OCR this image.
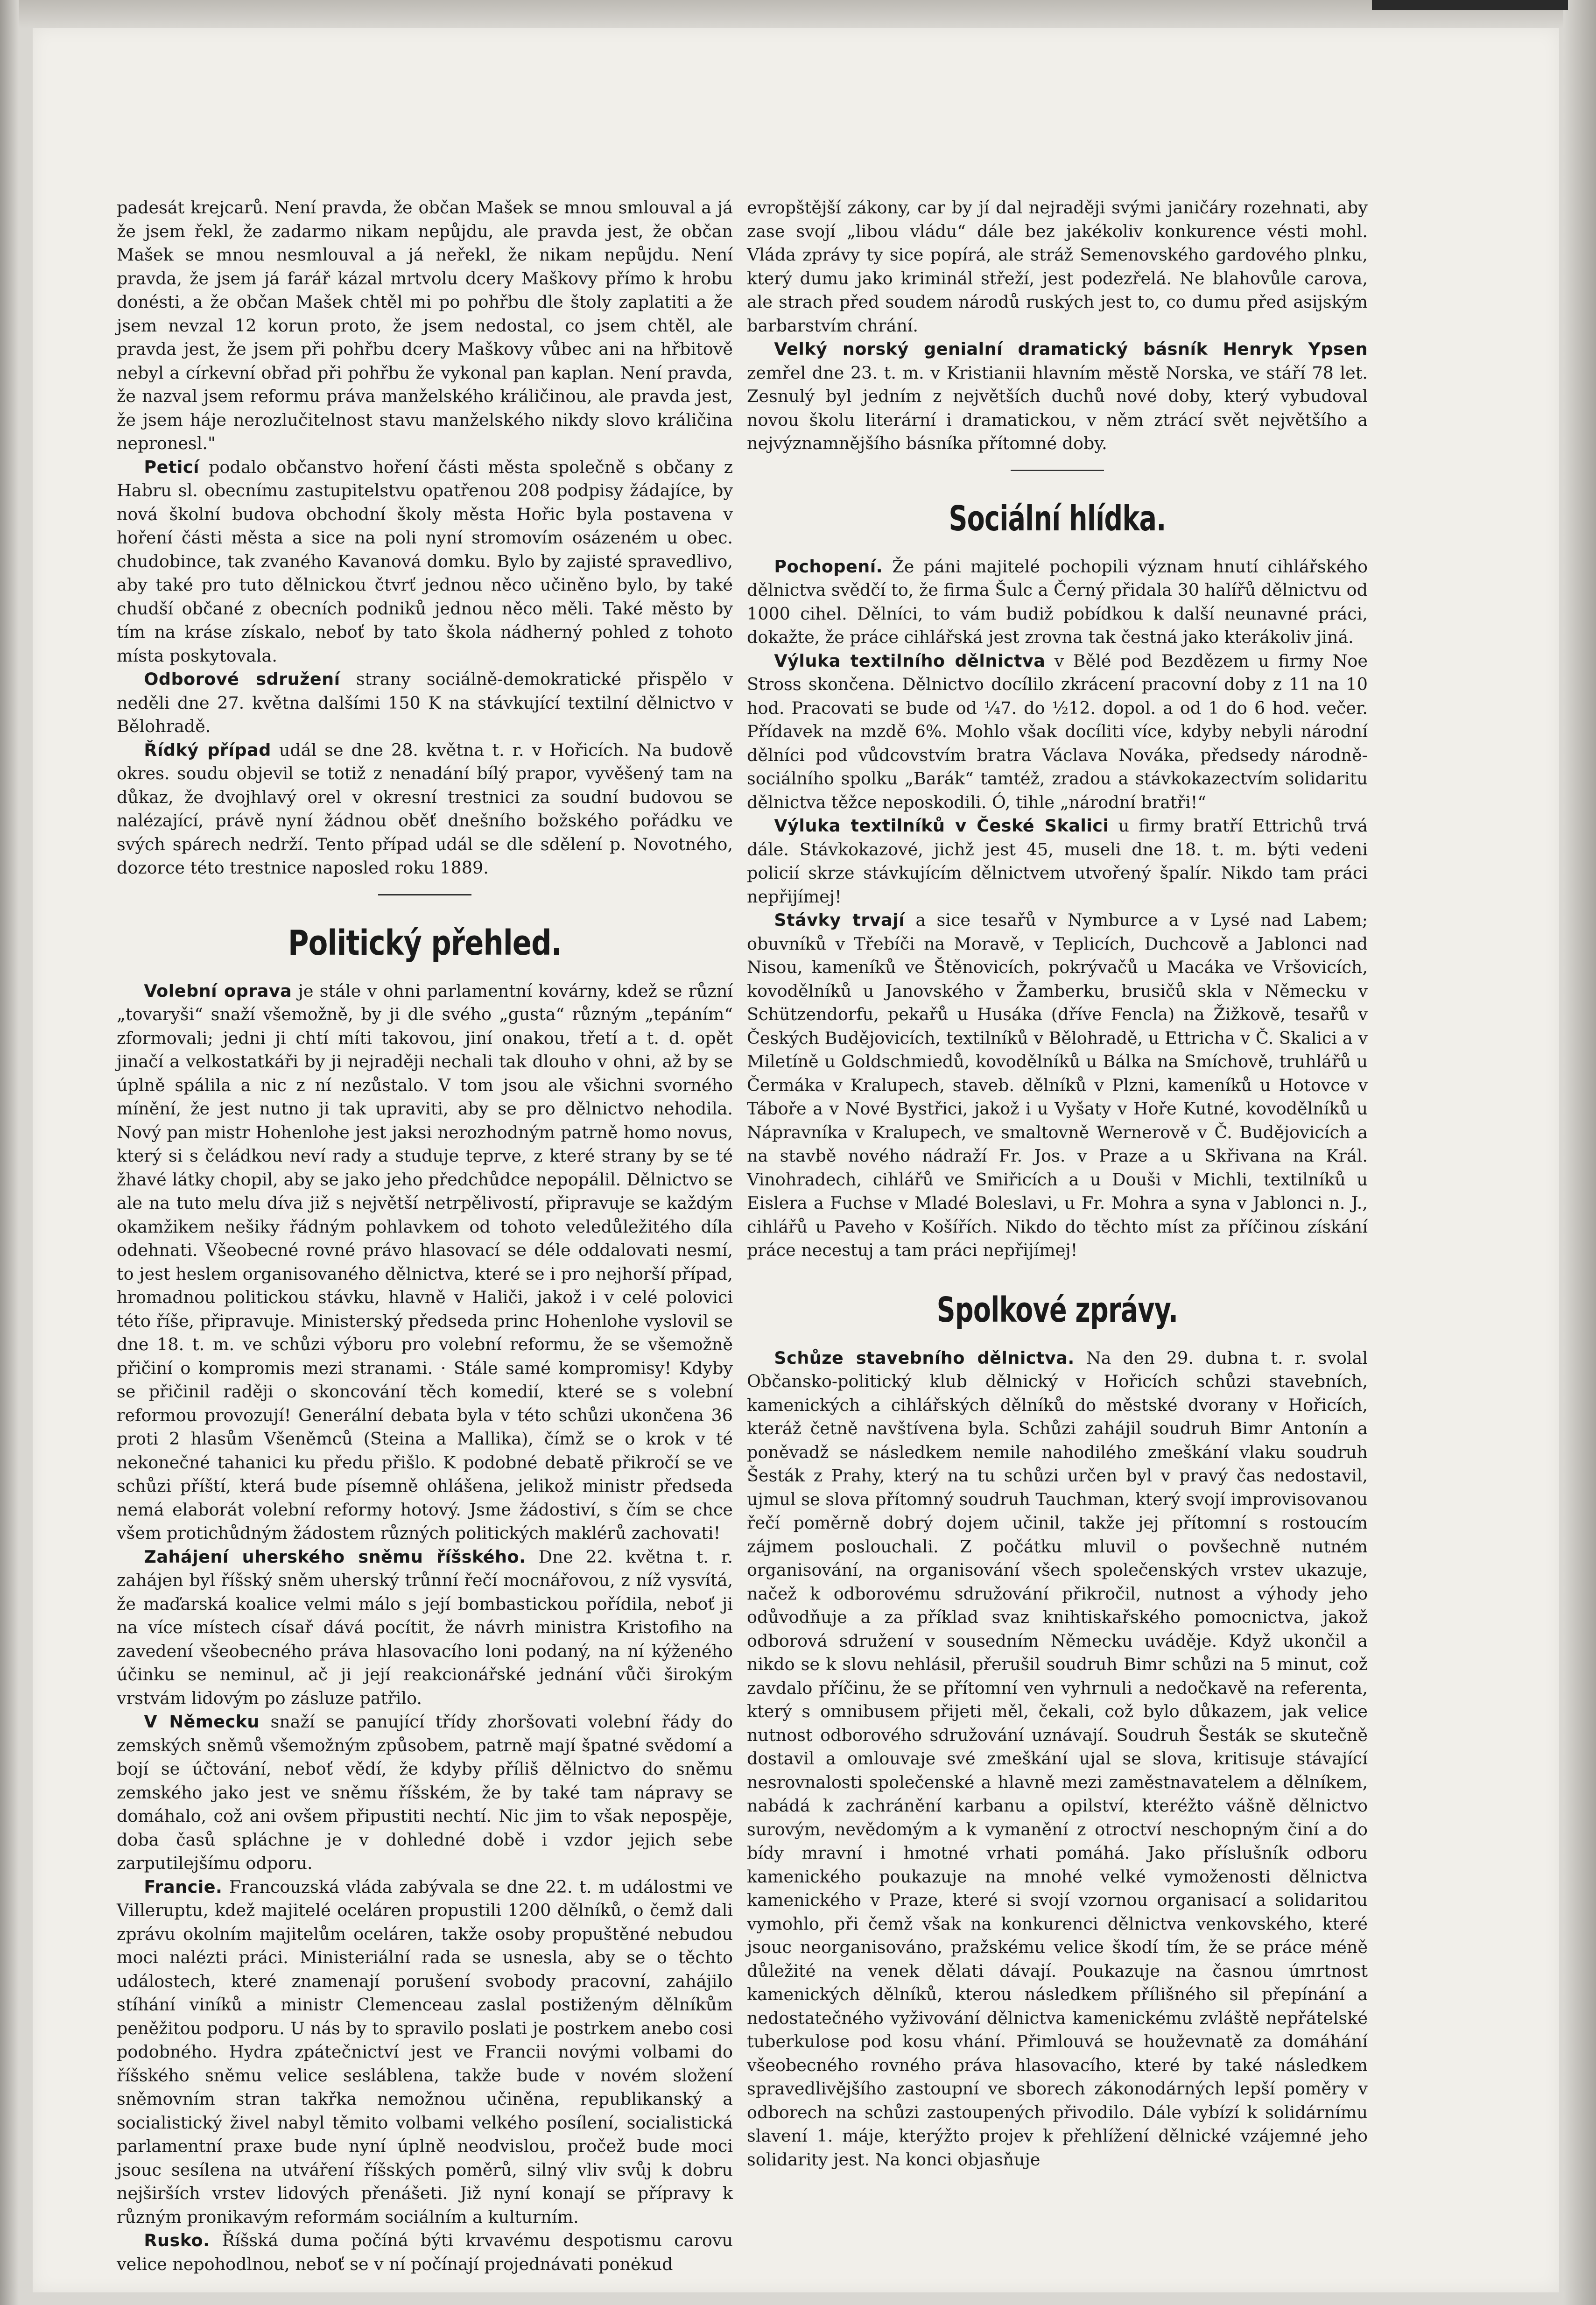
padesát krejcarů. Není pravda, že občan Mašek se mnou smlouval a já že jsem řekl, že zadarmo nikam nepůjdu, ale pravda jest, že občan Mašek se mnou nesmlouval a já neřekl, že nikam nepůjdu. Není pravda, že jsem já farář kázal mrtvolu dcery Maškovy přímo k hrobu donésti, a že občan Mašek chtěl mi po pohřbu dle štoly zaplatiti a že jsem nevzal 12 korun proto, že jsem nedostal, co jsem chtěl, ale pravda jest, že jsem při pohřbu dcery Maškovy vůbec ani na hřbitově nebyl a církevní obřad při pohřbu že vykonal pan kaplan. Není pravda, že nazval jsem reformu práva manželského králičinou, ale pravda jest, že jsem háje nerozlučitelnost stavu manželského nikdy slovo králičina nepronesl."

Peticí podalo občanstvo hoření části města společně s občany z Habru sl. obecnímu zastupitelstvu opatřenou 208 podpisy žádajíce, by nová školní budova obchodní školy města Hořic byla postavena v hoření části města a sice na poli nyní stromovím osázeném u obec. chudobince, tak zvaného Kavanová domku. Bylo by zajisté spravedlivo, aby také pro tuto dělnickou čtvrť jednou něco učiněno bylo, by také chudší občané z obecních podniků jednou něco měli. Také město by tím na kráse získalo, neboť by tato škola nádherný pohled z tohoto místa poskytovala.

Odborové sdružení strany sociálně-demokratické přispělo v neděli dne 27. května dalšími 150 K na stávkující textilní dělnictvo v Bělohradě.

Řídký případ udál se dne 28. května t. r. v Hořicích. Na budově okres. soudu objevil se totiž z nenadání bílý prapor, vyvěšený tam na důkaz, že dvojhlavý orel v okresní trestnici za soudní budovou se nalézající, právě nyní žádnou oběť dnešního božského pořádku ve svých spárech nedrží. Tento případ udál se dle sdělení p. Novotného, dozorce této trestnice naposled roku 1889.

Politický přehled.

Volební oprava je stále v ohni parlamentní kovárny, kdež se různí „tovaryši“ snaží všemožně, by ji dle svého „gusta“ různým „tepáním“ zformovali; jedni ji chtí míti takovou, jiní onakou, třetí a t. d. opět jinačí a velkostatkáři by ji nejraději nechali tak dlouho v ohni, až by se úplně spálila a nic z ní nezůstalo. V tom jsou ale všichni svorného mínění, že jest nutno ji tak upraviti, aby se pro dělnictvo nehodila. Nový pan mistr Hohenlohe jest jaksi nerozhodným patrně homo novus, který si s čeládkou neví rady a studuje teprve, z které strany by se té žhavé látky chopil, aby se jako jeho předchůdce nepopálil. Dělnictvo se ale na tuto melu díva již s největší netrpělivostí, připravuje se každým okamžikem nešiky řádným pohlavkem od tohoto veledůležitého díla odehnati. Všeobecné rovné právo hlasovací se déle oddalovati nesmí, to jest heslem organisovaného dělnictva, které se i pro nejhorší případ, hromadnou politickou stávku, hlavně v Haliči, jakož i v celé polovici této říše, připravuje. Ministerský předseda princ Hohenlohe vyslovil se dne 18. t. m. ve schůzi výboru pro volební reformu, že se všemožně přičiní o kompromis mezi stranami. · Stále samé kompromisy! Kdyby se přičinil raději o skoncování těch komedií, které se s volební reformou provozují! Generální debata byla v této schůzi ukončena 36 proti 2 hlasům Všeněmců (Steina a Mallika), čímž se o krok v té nekonečné tahanici ku předu přišlo. K podobné debatě přikročí se ve schůzi příští, která bude písemně ohlášena, jelikož ministr předseda nemá elaborát volební reformy hotový. Jsme žádostiví, s čím se chce všem protichůdným žádostem různých politických maklérů zachovati!

Zahájení uherského sněmu říšského. Dne 22. května t. r. zahájen byl říšský sněm uherský trůnní řečí mocnářovou, z níž vysvítá, že maďarská koalice velmi málo s její bombastickou pořídila, neboť ji na více místech císař dává pocítit, že návrh ministra Kristofiho na zavedení všeobecného práva hlasovacího loni podaný, na ní kýženého účinku se neminul, ač ji její reakcionářské jednání vůči širokým vrstvám lidovým po zásluze patřilo.

V Německu snaží se panující třídy zhoršovati volební řády do zemských sněmů všemožným způsobem, patrně mají špatné svědomí a bojí se účtování, neboť vědí, že kdyby příliš dělnictvo do sněmu zemského jako jest ve sněmu říšském, že by také tam nápravy se domáhalo, což ani ovšem připustiti nechtí. Nic jim to však nepospěje, doba časů spláchne je v dohledné době i vzdor jejich sebe zarputilejšímu odporu.

Francie. Francouzská vláda zabývala se dne 22. t. m událostmi ve Villeruptu, kdež majitelé oceláren propustili 1200 dělníků, o čemž dali zprávu okolním majitelům oceláren, takže osoby propuštěné nebudou moci nalézti práci. Ministeriální rada se usnesla, aby se o těchto událostech, které znamenají porušení svobody pracovní, zahájilo stíhání viníků a ministr Clemenceau zaslal postiženým dělníkům peněžitou podporu. U nás by to spravilo poslati je postrkem anebo cosi podobného. Hydra zpátečnictví jest ve Francii novými volbami do říšského sněmu velice sesláblena, takže bude v novém složení sněmovním stran takřka nemožnou učiněna, republikanský a socialistický živel nabyl těmito volbami velkého posílení, socialistická parlamentní praxe bude nyní úplně neodvislou, pročež bude moci jsouc sesílena na utváření říšských poměrů, silný vliv svůj k dobru nejširších vrstev lidových přenášeti. Již nyní konají se přípravy k různým pronikavým reformám sociálním a kulturním.

Rusko. Říšská duma počíná býti krvavému despotismu carovu velice nepohodlnou, neboť se v ní počínají projednávati ponėkud

evropštější zákony, car by jí dal nejraději svými janičáry rozehnati, aby zase svojí „libou vládu“ dále bez jakékoliv konkurence vésti mohl. Vláda zprávy ty sice popírá, ale stráž Semenovského gardového plnku, který dumu jako kriminál střeží, jest podezřelá. Ne blahovůle carova, ale strach před soudem národů ruských jest to, co dumu před asijským barbarstvím chrání.

Velký norský genialní dramatický básník Henryk Ypsen zemřel dne 23. t. m. v Kristianii hlavním městě Norska, ve stáří 78 let. Zesnulý byl jedním z největších duchů nové doby, který vybudoval novou školu literární i dramatickou, v něm ztrácí svět největšího a nejvýznamnějšího básníka přítomné doby.

Sociální hlídka.

Pochopení. Že páni majitelé pochopili význam hnutí cihlářského dělnictva svědčí to, že firma Šulc a Černý přidala 30 halířů dělnictvu od 1000 cihel. Dělníci, to vám budiž pobídkou k další neunavné práci, dokažte, že práce cihlářská jest zrovna tak čestná jako kterákoliv jiná.

Výluka textilního dělnictva v Bělé pod Bezdězem u firmy Noe Stross skončena. Dělnictvo docílilo zkrácení pracovní doby z 11 na 10 hod. Pracovati se bude od ¼7. do ½12. dopol. a od 1 do 6 hod. večer. Přídavek na mzdě 6%. Mohlo však docíliti více, kdyby nebyli národní dělníci pod vůdcovstvím bratra Václava Nováka, předsedy národně-sociálního spolku „Barák“ tamtéž, zradou a stávkokazectvím solidaritu dělnictva těžce neposkodili. Ó, tihle „národní bratři!“

Výluka textilníků v České Skalici u firmy bratří Ettrichů trvá dále. Stávkokazové, jichž jest 45, museli dne 18. t. m. býti vedeni policií skrze stávkujícím dělnictvem utvořený špalír. Nikdo tam práci nepřijímej!

Stávky trvají a sice tesařů v Nymburce a v Lysé nad Labem; obuvníků v Třebíči na Moravě, v Teplicích, Duchcově a Jablonci nad Nisou, kameníků ve Štěnovicích, pokrývačů u Macáka ve Vršovicích, kovodělníků u Janovského v Žamberku, brusičů skla v Německu v Schützendorfu, pekařů u Husáka (dříve Fencla) na Žižkově, tesařů v Českých Budějovicích, textilníků v Bělohradě, u Ettricha v Č. Skalici a v Miletíně u Goldschmiedů, kovodělníků u Bálka na Smíchově, truhlářů u Čermáka v Kralupech, staveb. dělníků v Plzni, kameníků u Hotovce v Táboře a v Nové Bystřici, jakož i u Vyšaty v Hoře Kutné, kovodělníků u Nápravníka v Kralupech, ve smaltovně Wernerově v Č. Budějovicích a na stavbě nového nádraží Fr. Jos. v Praze a u Skřivana na Král. Vinohradech, cihlářů ve Smiřicích a u Douši v Michli, textilníků u Eislera a Fuchse v Mladé Boleslavi, u Fr. Mohra a syna v Jablonci n. J., cihlářů u Paveho v Košířích. Nikdo do těchto míst za příčinou získání práce necestuj a tam práci nepřijímej!

Spolkové zprávy.

Schůze stavebního dělnictva. Na den 29. dubna t. r. svolal Občansko-politický klub dělnický v Hořicích schůzi stavebních, kamenických a cihlářských dělníků do městské dvorany v Hořicích, kteráž četně navštívena byla. Schůzi zahájil soudruh Bimr Antonín a poněvadž se následkem nemile nahodilého zmeškání vlaku soudruh Šesták z Prahy, který na tu schůzi určen byl v pravý čas nedostavil, ujmul se slova přítomný soudruh Tauchman, který svojí improvisovanou řečí poměrně dobrý dojem učinil, takže jej přítomní s rostoucím zájmem poslouchali. Z počátku mluvil o povšechně nutném organisování, na organisování všech společenských vrstev ukazuje, načež k odborovému sdružování přikročil, nutnost a výhody jeho odůvodňuje a za příklad svaz knihtiskařského pomocnictva, jakož odborová sdružení v sousedním Německu uváděje. Když ukončil a nikdo se k slovu nehlásil, přerušil soudruh Bimr schůzi na 5 minut, což zavdalo příčinu, že se přítomní ven vyhrnuli a nedočkavě na referenta, který s omnibusem přijeti měl, čekali, což bylo důkazem, jak velice nutnost odborového sdružování uznávají. Soudruh Šesták se skutečně dostavil a omlouvaje své zmeškání ujal se slova, kritisuje stávající nesrovnalosti společenské a hlavně mezi zaměstnavatelem a dělníkem, nabádá k zachránění karbanu a opilství, kteréžto vášně dělnictvo surovým, nevědomým a k vymanění z otroctví neschopným činí a do bídy mravní i hmotné vrhati pomáhá. Jako příslušník odboru kamenického poukazuje na mnohé velké vymoženosti dělnictva kamenického v Praze, které si svojí vzornou organisací a solidaritou vymohlo, při čemž však na konkurenci dělnictva venkovského, které jsouc neorganisováno, pražskému velice škodí tím, že se práce méně důležité na venek dělati dávají. Poukazuje na časnou úmrtnost kamenických dělníků, kterou následkem přílišného sil přepínání a nedostatečného vyživování dělnictva kamenickému zvláště nepřátelské tuberkulose pod kosu vhání. Přimlouvá se houževnatě za domáhání všeobecného rovného práva hlasovacího, které by také následkem spravedlivějšího zastoupní ve sborech zákonodárných lepší poměry v odborech na schůzi zastoupených přivodilo. Dále vybízí k solidárnímu slavení 1. máje, kterýžto projev k přehlížení dělnické vzájemné jeho solidarity jest. Na konci objasňuje
